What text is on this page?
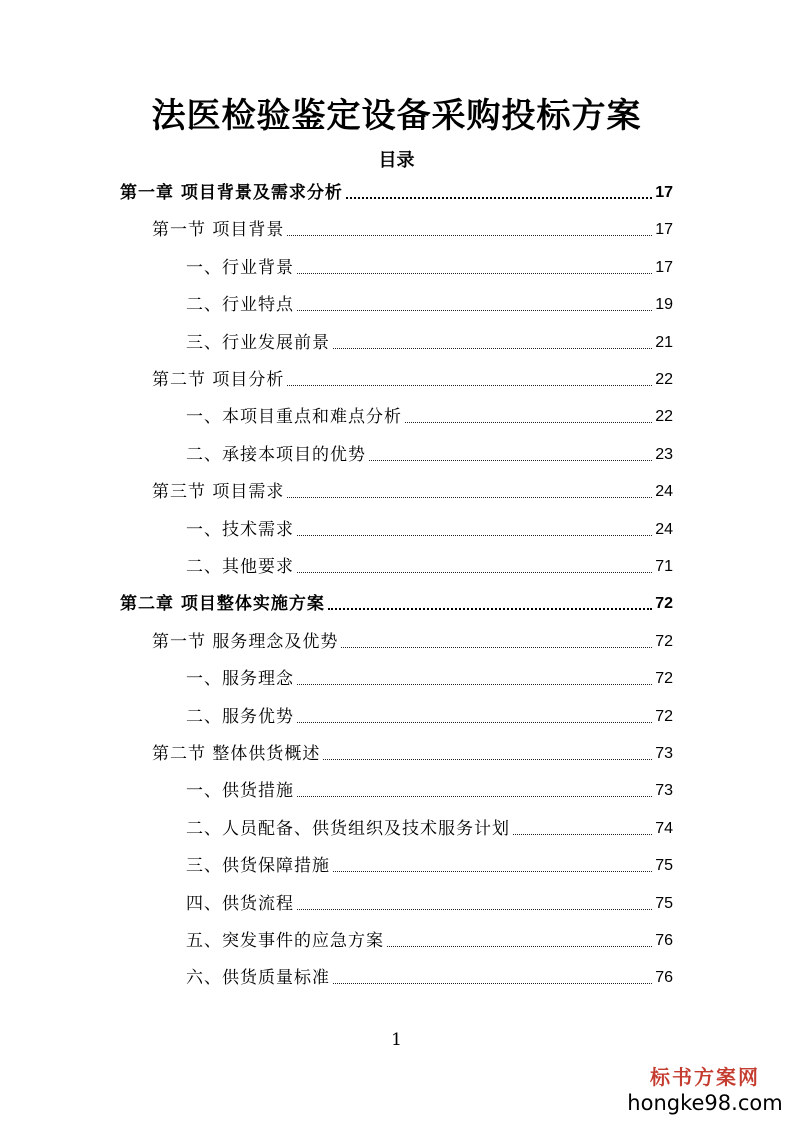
法医检验鉴定设备采购投标方案
目录
第一章 项目背景及需求分析	17
第一节 项目背景	17
一、行业背景	17
二、行业特点	19
三、行业发展前景	21
第二节 项目分析	22
一、本项目重点和难点分析	22
二、承接本项目的优势	23
第三节 项目需求	24
一、技术需求	24
二、其他要求	71
第二章 项目整体实施方案	72
第一节 服务理念及优势	72
一、服务理念	72
二、服务优势	72
第二节 整体供货概述	73
一、供货措施	73
二、人员配备、供货组织及技术服务计划	74
三、供货保障措施	75
四、供货流程	75
五、突发事件的应急方案	76
六、供货质量标准	76
1
标书方案网
hongke98.com
